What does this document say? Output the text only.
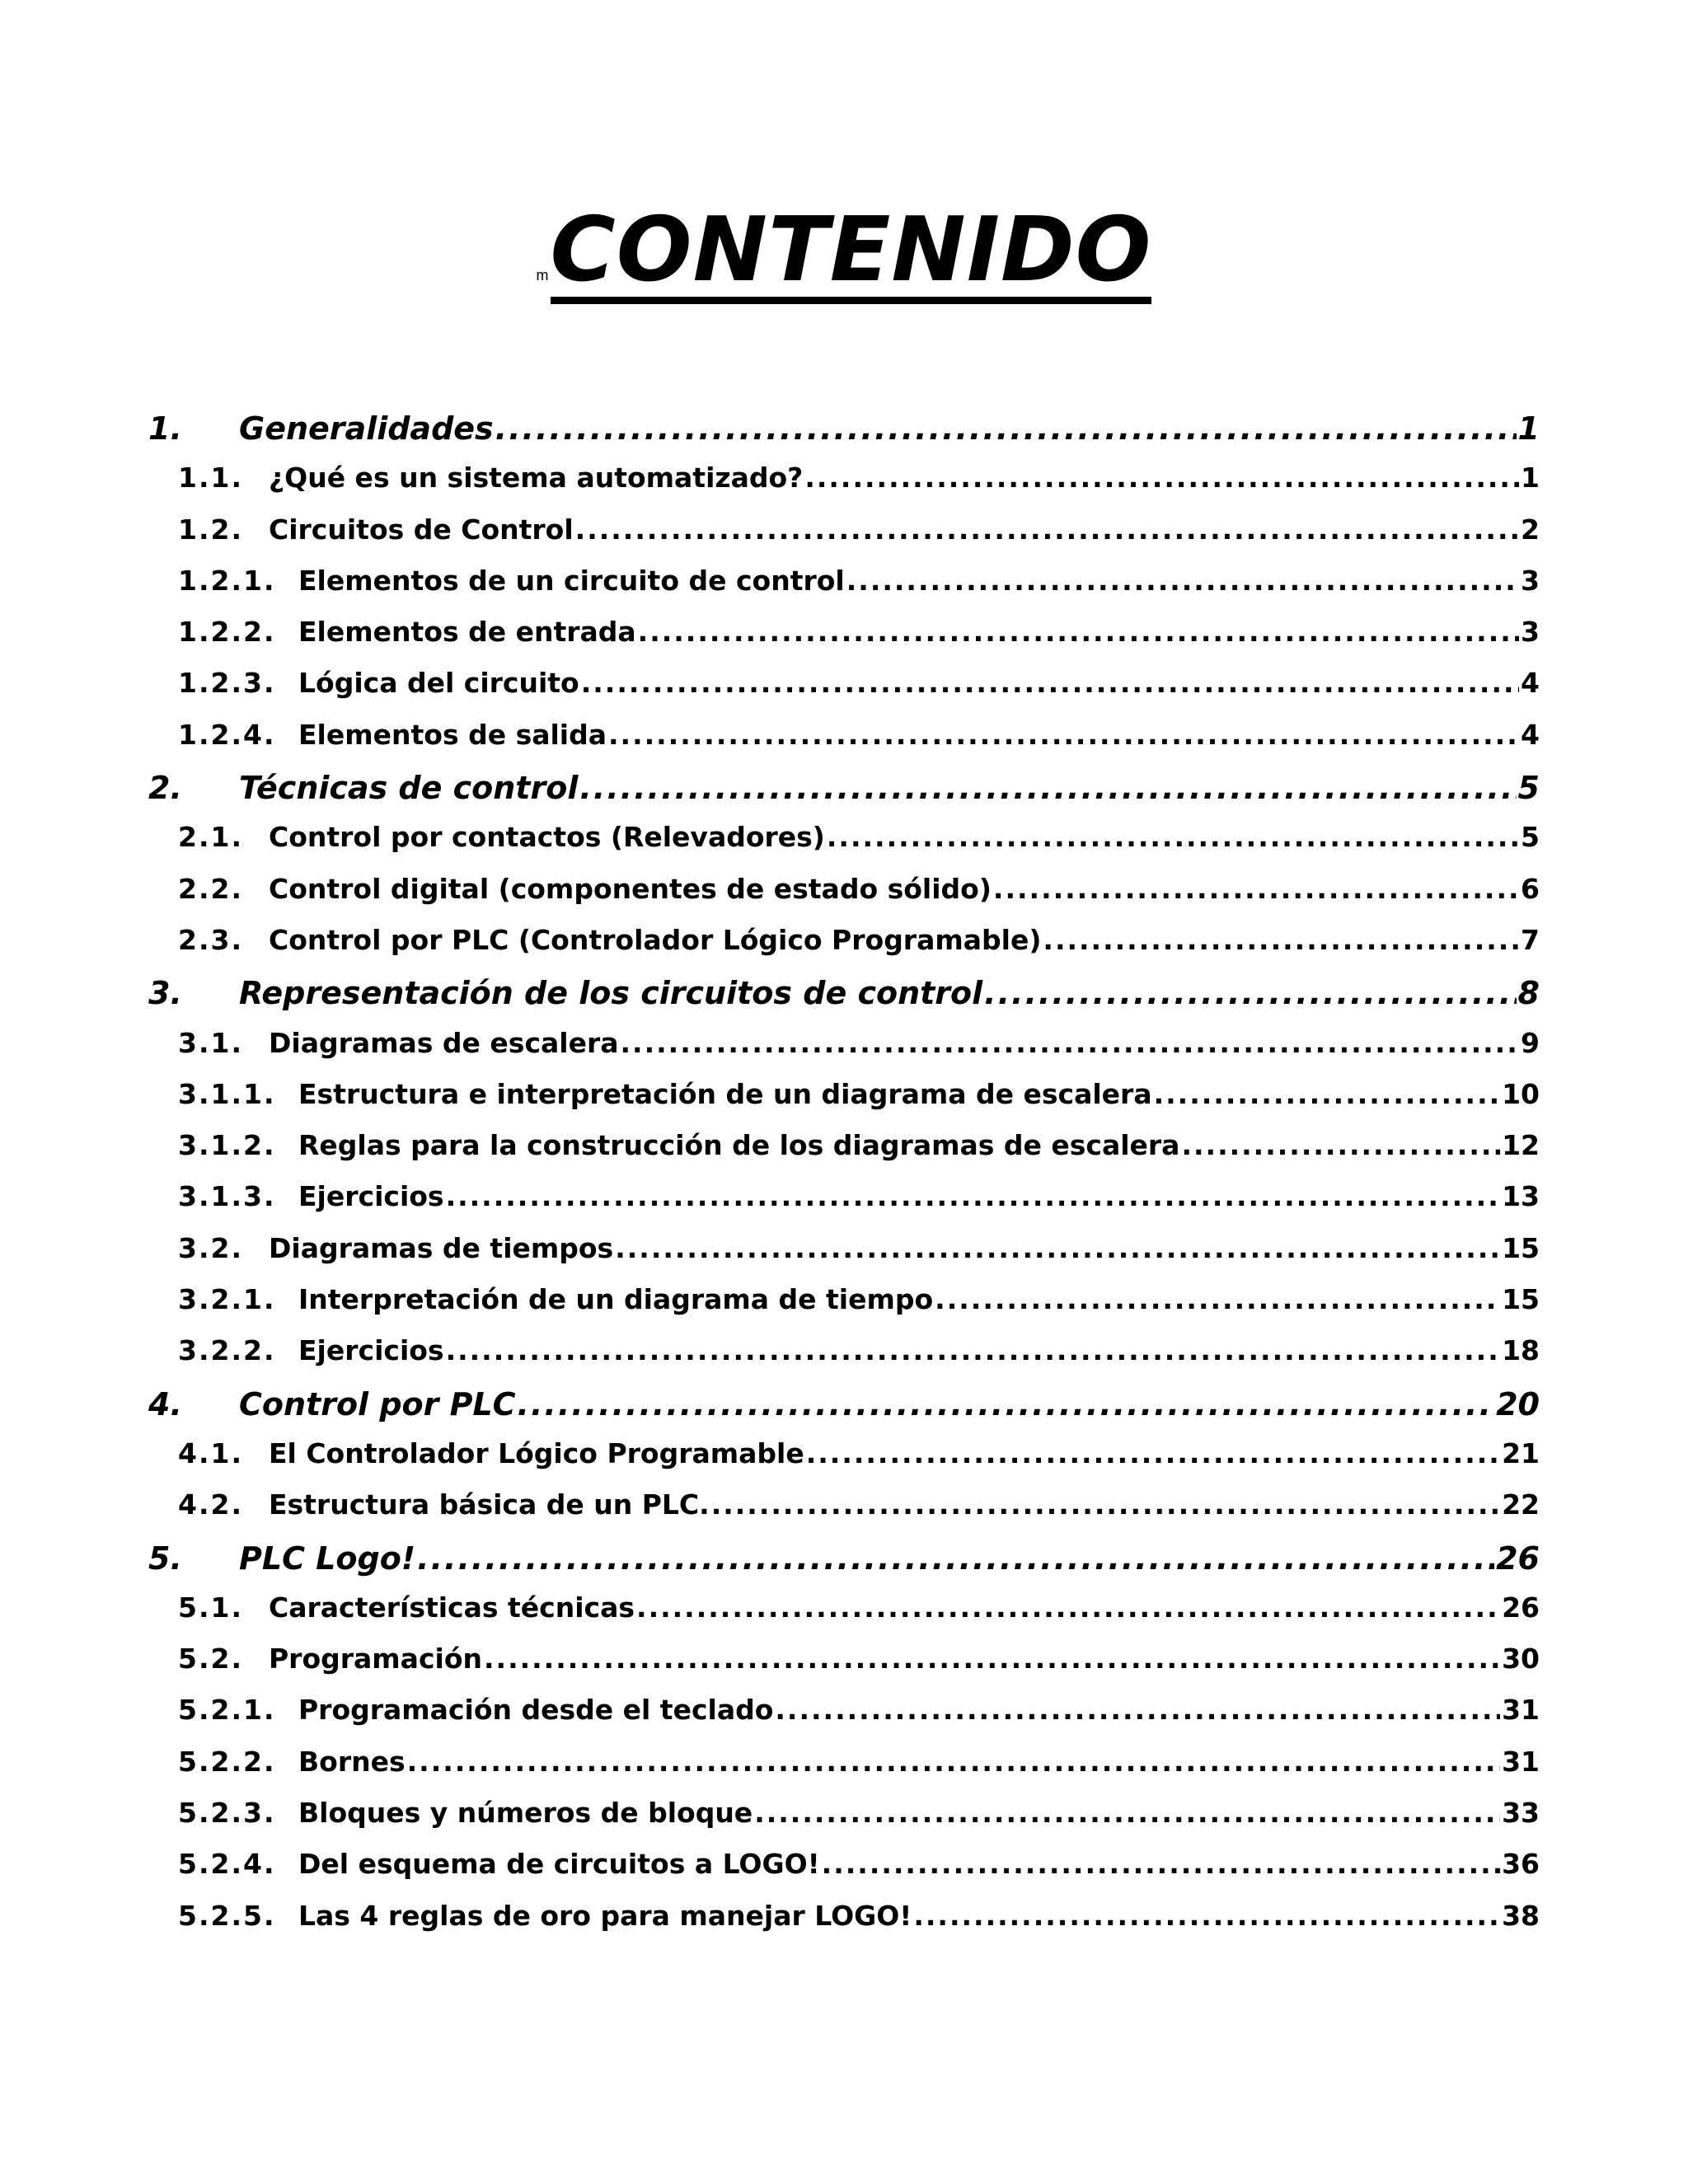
mCONTENIDO
1.	Generalidades .....	1
1.1. ¿Qué es un sistema automatizado? .....	1
1.2. Circuitos de Control .....	2
1.2.1. Elementos de un circuito de control .....	3
1.2.2. Elementos de entrada .....	3
1.2.3. Lógica del circuito .....	4
1.2.4. Elementos de salida .....	4
2.	Técnicas de control .....	5
2.1. Control por contactos (Relevadores) .....	5
2.2. Control digital (componentes de estado sólido) .....	6
2.3. Control por PLC (Controlador Lógico Programable) .....	7
3.	Representación de los circuitos de control .....	8
3.1. Diagramas de escalera .....	9
3.1.1. Estructura e interpretación de un diagrama de escalera .....	10
3.1.2. Reglas para la construcción de los diagramas de escalera .....	12
3.1.3. Ejercicios .....	13
3.2. Diagramas de tiempos .....	15
3.2.1. Interpretación de un diagrama de tiempo .....	15
3.2.2. Ejercicios .....	18
4.	Control por PLC .....	20
4.1. El Controlador Lógico Programable .....	21
4.2. Estructura básica de un PLC. .....	22
5.	PLC Logo! .....	26
5.1. Características técnicas .....	26
5.2. Programación .....	30
5.2.1. Programación desde el teclado .....	31
5.2.2. Bornes .....	31
5.2.3. Bloques y números de bloque .....	33
5.2.4. Del esquema de circuitos a LOGO! .....	36
5.2.5. Las 4 reglas de oro para manejar LOGO! .....	38
